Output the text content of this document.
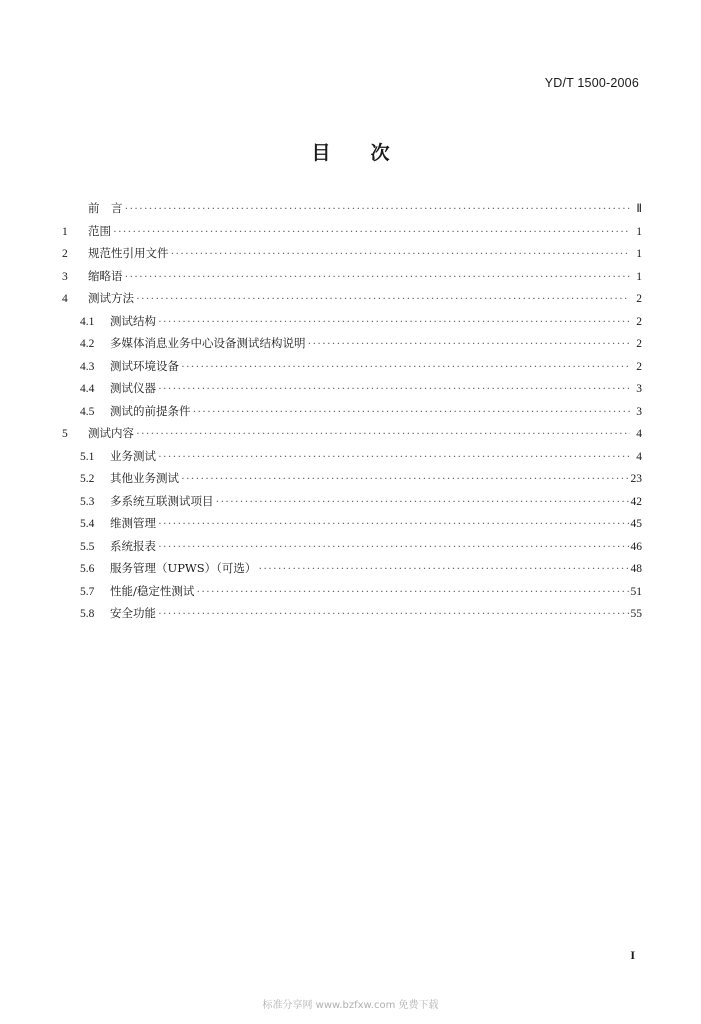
YD/T 1500-2006
目 次
前　言 ·····	Ⅱ
1	范围 ·····	1
2	规范性引用文件 ·····	1
3	缩略语 ·····	1
4	测试方法 ·····	2
4.1	测试结构 ·····	2
4.2	多媒体消息业务中心设备测试结构说明 ·····	2
4.3	测试环境设备 ·····	2
4.4	测试仪器 ·····	3
4.5	测试的前提条件 ·····	3
5	测试内容 ·····	4
5.1	业务测试 ·····	4
5.2	其他业务测试 ·····	23
5.3	多系统互联测试项目 ·····	42
5.4	维测管理 ·····	45
5.5	系统报表 ·····	46
5.6	服务管理（UPWS）（可选） ·····	48
5.7	性能/稳定性测试 ·····	51
5.8	安全功能 ·····	55
I
标准分享网 www.bzfxw.com 免费下载
